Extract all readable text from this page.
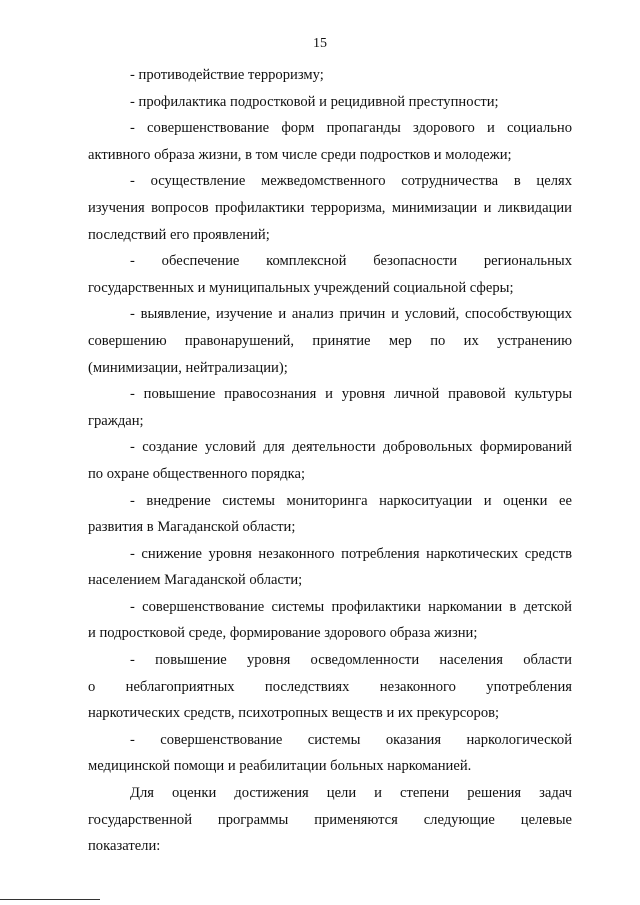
15

- противодействие терроризму;

- профилактика подростковой и рецидивной преступности;

- совершенствование форм пропаганды здорового и социально
активного образа жизни, в том числе среди подростков и молодежи;

- осуществление межведомственного сотрудничества в целях
изучения вопросов профилактики терроризма, минимизации и ликвидации
последствий его проявлений;

- обеспечение комплексной безопасности региональных
государственных и муниципальных учреждений социальной сферы;

- выявление, изучение и анализ причин и условий, способствующих
совершению правонарушений, принятие мер по их устранению
(минимизации, нейтрализации);

- повышение правосознания и уровня личной правовой культуры
граждан;

- создание условий для деятельности добровольных формирований
по охране общественного порядка;

- внедрение системы мониторинга наркоситуации и оценки ее
развития в Магаданской области;

- снижение уровня незаконного потребления наркотических средств
населением Магаданской области;

- совершенствование системы профилактики наркомании в детской
и подростковой среде, формирование здорового образа жизни;

- повышение уровня осведомленности населения области
о неблагоприятных последствиях незаконного употребления
наркотических средств, психотропных веществ и их прекурсоров;

- совершенствование системы оказания наркологической
медицинской помощи и реабилитации больных наркоманией.

Для оценки достижения цели и степени решения задач
государственной программы применяются следующие целевые
показатели:
